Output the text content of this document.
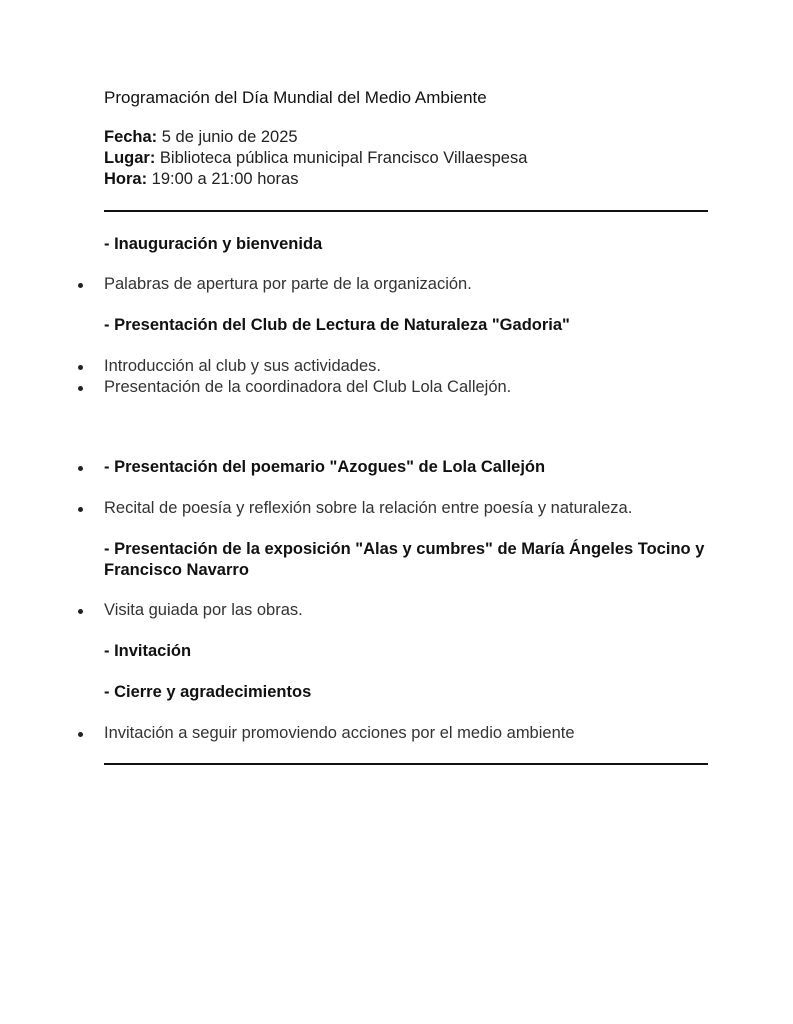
Programación del Día Mundial del Medio Ambiente
Fecha: 5 de junio de 2025
Lugar: Biblioteca pública municipal Francisco Villaespesa
Hora: 19:00 a 21:00 horas
- Inauguración y bienvenida
Palabras de apertura por parte de la organización.
- Presentación del Club de Lectura de Naturaleza "Gadoria"
Introducción al club y sus actividades.
Presentación de la coordinadora del Club Lola Callejón.
- Presentación del poemario "Azogues" de Lola Callejón
Recital de poesía y reflexión sobre la relación entre poesía y naturaleza.
- Presentación de la exposición "Alas y cumbres" de María Ángeles Tocino y
Francisco Navarro
Visita guiada por las obras.
- Invitación
- Cierre y agradecimientos
Invitación a seguir promoviendo acciones por el medio ambiente
